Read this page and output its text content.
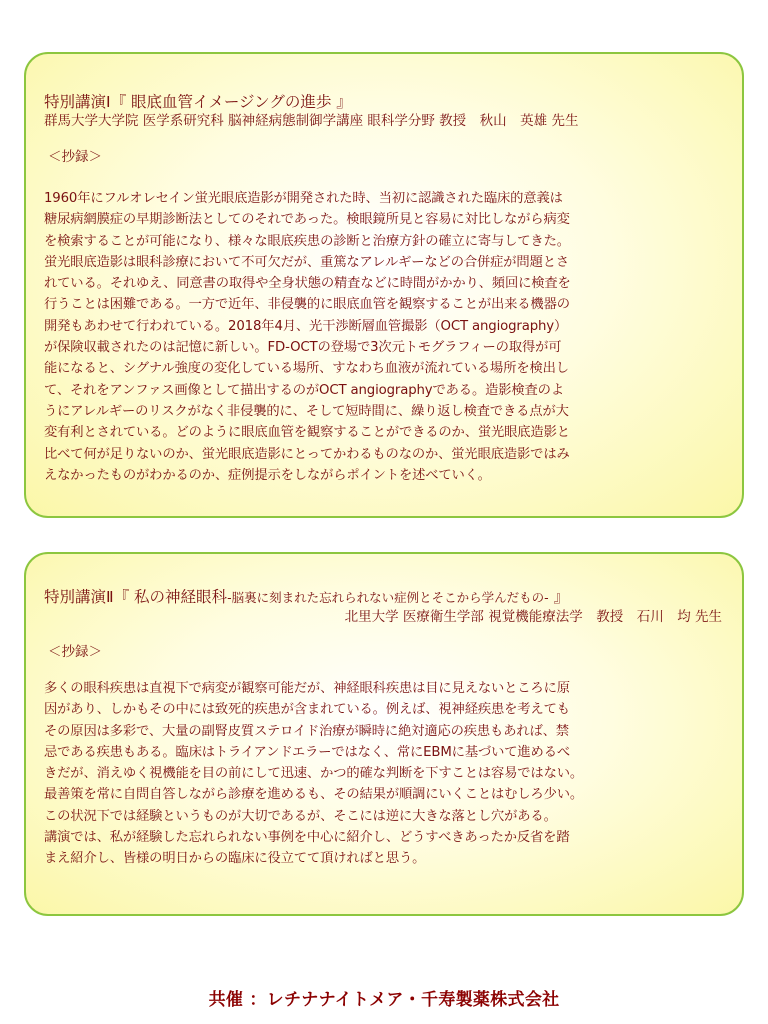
特別講演Ⅰ『 眼底血管イメージングの進歩 』

群馬大学大学院 医学系研究科 脳神経病態制御学講座 眼科学分野 教授　秋山　英雄 先生

＜抄録＞

1960年にフルオレセイン蛍光眼底造影が開発された時、当初に認識された臨床的意義は
糖尿病網膜症の早期診断法としてのそれであった。検眼鏡所見と容易に対比しながら病変
を検索することが可能になり、様々な眼底疾患の診断と治療方針の確立に寄与してきた。
蛍光眼底造影は眼科診療において不可欠だが、重篤なアレルギーなどの合併症が問題とさ
れている。それゆえ、同意書の取得や全身状態の精査などに時間がかかり、頻回に検査を
行うことは困難である。一方で近年、非侵襲的に眼底血管を観察することが出来る機器の
開発もあわせて行われている。2018年4月、光干渉断層血管撮影（OCT angiography）
が保険収載されたのは記憶に新しい。FD-OCTの登場で3次元トモグラフィーの取得が可
能になると、シグナル強度の変化している場所、すなわち血液が流れている場所を検出し
て、それをアンファス画像として描出するのがOCT angiographyである。造影検査のよ
うにアレルギーのリスクがなく非侵襲的に、そして短時間に、繰り返し検査できる点が大
変有利とされている。どのように眼底血管を観察することができるのか、蛍光眼底造影と
比べて何が足りないのか、蛍光眼底造影にとってかわるものなのか、蛍光眼底造影ではみ
えなかったものがわかるのか、症例提示をしながらポイントを述べていく。

特別講演Ⅱ『 私の神経眼科-脳裏に刻まれた忘れられない症例とそこから学んだもの- 』

北里大学 医療衛生学部 視覚機能療法学　教授　石川　均 先生

＜抄録＞

多くの眼科疾患は直視下で病変が観察可能だが、神経眼科疾患は目に見えないところに原
因があり、しかもその中には致死的疾患が含まれている。例えば、視神経疾患を考えても
その原因は多彩で、大量の副腎皮質ステロイド治療が瞬時に絶対適応の疾患もあれば、禁
忌である疾患もある。臨床はトライアンドエラーではなく、常にEBMに基づいて進めるべ
きだが、消えゆく視機能を目の前にして迅速、かつ的確な判断を下すことは容易ではない。
最善策を常に自問自答しながら診療を進めるも、その結果が順調にいくことはむしろ少い。
この状況下では経験というものが大切であるが、そこには逆に大きな落とし穴がある。
講演では、私が経験した忘れられない事例を中心に紹介し、どうすべきあったか反省を踏
まえ紹介し、皆様の明日からの臨床に役立てて頂ければと思う。
共催 ：レチナナイトメア・千寿製薬株式会社
